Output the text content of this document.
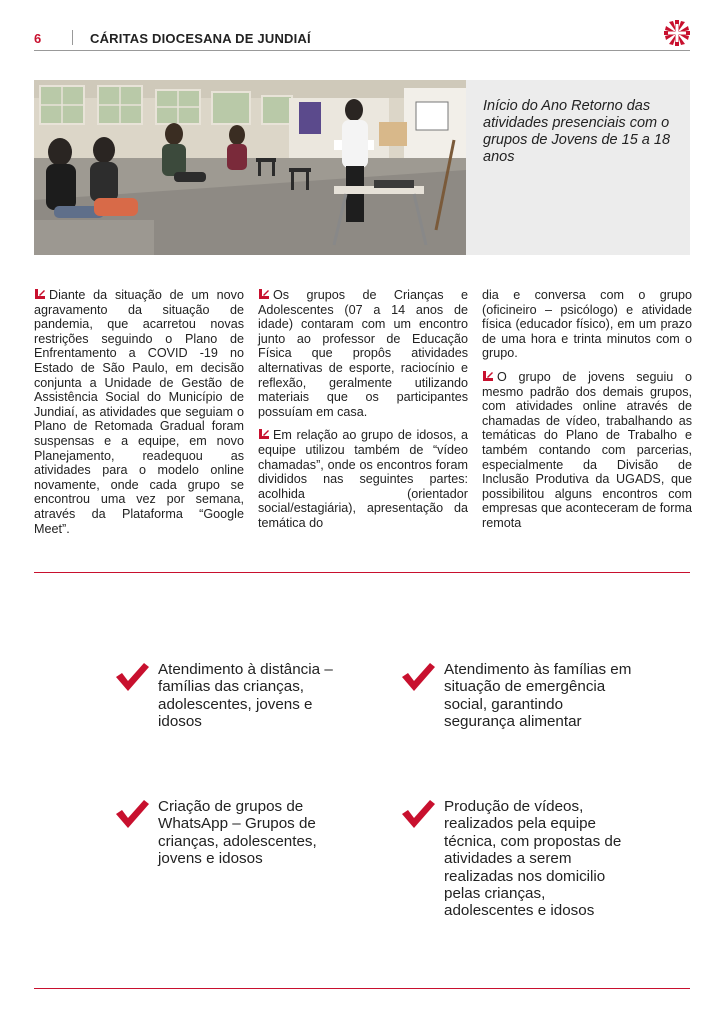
6	CÁRITAS DIOCESANA DE JUNDIAÍ

Início do Ano Retorno das atividades presenciais com o grupos de Jovens de 15 a 18 anos

Diante da situação de um novo agravamento da situação de pandemia, que acarretou novas restrições seguindo o Plano de Enfrentamento a COVID -19 no Estado de São Paulo, em decisão conjunta a Unidade de Gestão de Assistência Social do Município de Jundiaí, as atividades que seguiam o Plano de Retomada Gradual foram suspensas e a equipe, em novo Planejamento, readequou as atividades para o modelo online novamente, onde cada grupo se encontrou uma vez por semana, através da Plataforma “Google Meet”.

Os grupos de Crianças e Adolescentes (07 a 14 anos de idade) contaram com um encontro junto ao professor de Educação Física que propôs atividades alternativas de esporte, raciocínio e reflexão, geralmente utilizando materiais que os participantes possuíam em casa.

Em relação ao grupo de idosos, a equipe utilizou também de “vídeo chamadas”, onde os encontros foram divididos nas seguintes partes: acolhida (orientador social/estagiária), apresentação da temática do

dia e conversa com o grupo (oficineiro – psicólogo) e atividade física (educador físico), em um prazo de uma hora e trinta minutos com o grupo.

O grupo de jovens seguiu o mesmo padrão dos demais grupos, com atividades online através de chamadas de vídeo, trabalhando as temáticas do Plano de Trabalho e também contando com parcerias, especialmente da Divisão de Inclusão Produtiva da UGADS, que possibilitou alguns encontros com empresas que aconteceram de forma remota

Atendimento à distância – famílias das crianças, adolescentes, jovens e idosos

Atendimento às famílias em situação de emergência social, garantindo segurança alimentar

Criação de grupos de WhatsApp – Grupos de crianças, adolescentes, jovens e idosos

Produção de vídeos, realizados pela equipe técnica, com propostas de atividades a serem realizadas nos domicilio pelas crianças, adolescentes e idosos
